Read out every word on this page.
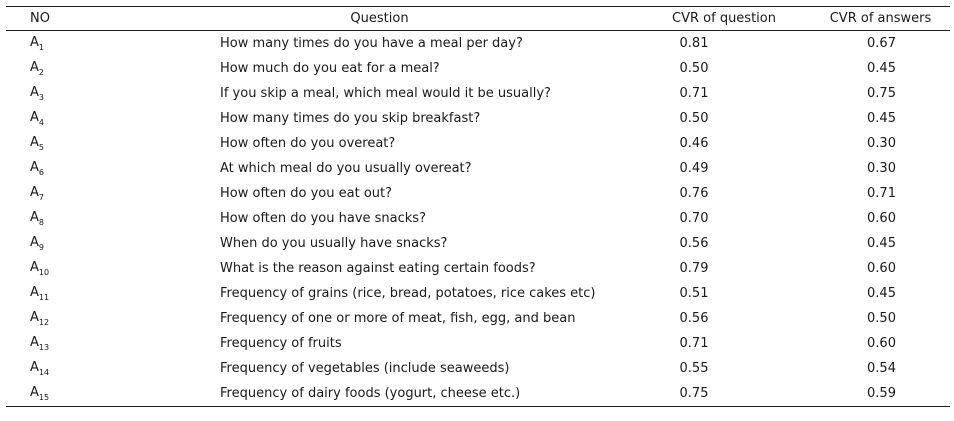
NO	Question	CVR of question	CVR of answers
$A_1$	How many times do you have a meal per day?	0.81	0.67
$A_2$	How much do you eat for a meal?	0.50	0.45
$A_3$	If you skip a meal, which meal would it be usually?	0.71	0.75
$A_4$	How many times do you skip breakfast?	0.50	0.45
$A_5$	How often do you overeat?	0.46	0.30
$A_6$	At which meal do you usually overeat?	0.49	0.30
$A_7$	How often do you eat out?	0.76	0.71
$A_8$	How often do you have snacks?	0.70	0.60
$A_9$	When do you usually have snacks?	0.56	0.45
$A_{10}$	What is the reason against eating certain foods?	0.79	0.60
$A_{11}$	Frequency of grains (rice, bread, potatoes, rice cakes etc)	0.51	0.45
$A_{12}$	Frequency of one or more of meat, fish, egg, and bean	0.56	0.50
$A_{13}$	Frequency of fruits	0.71	0.60
$A_{14}$	Frequency of vegetables (include seaweeds)	0.55	0.54
$A_{15}$	Frequency of dairy foods (yogurt, cheese etc.)	0.75	0.59
